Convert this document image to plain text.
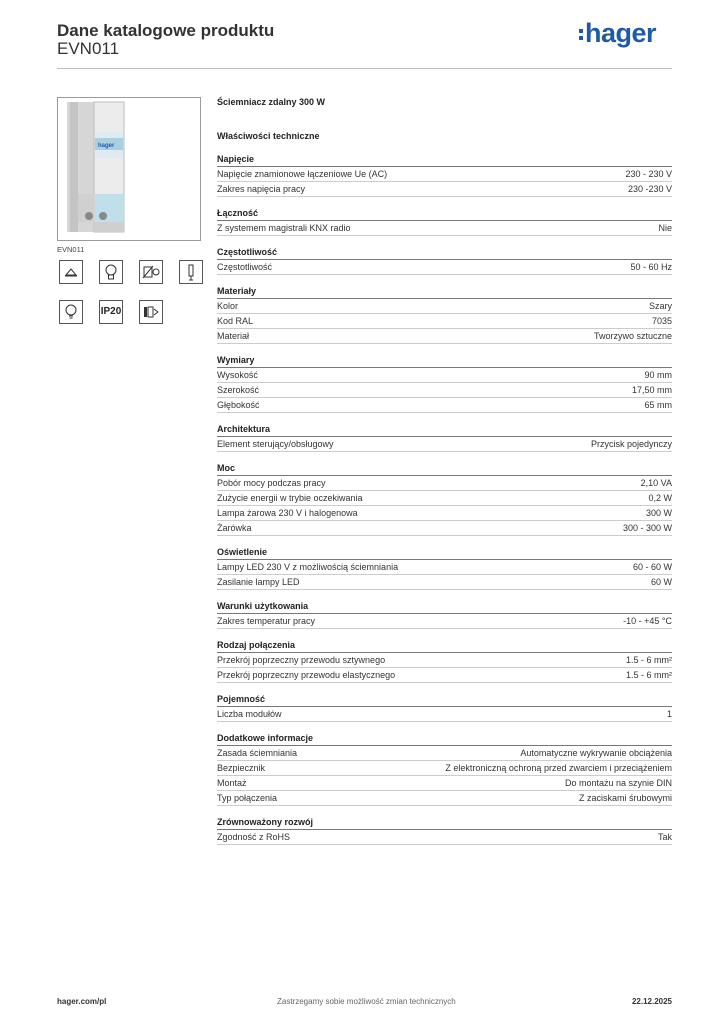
Dane katalogowe produktu
EVN011
hager
hager
EVN011
IP20
Ściemniacz zdalny 300 W
Właściwości techniczne
Napięcie
Napięcie znamionowe łączeniowe Ue (AC)	230 - 230 V
Zakres napięcia pracy	230 -230 V
Łączność
Z systemem magistrali KNX radio	Nie
Częstotliwość
Częstotliwość	50 - 60 Hz
Materiały
Kolor	Szary
Kod RAL	7035
Materiał	Tworzywo sztuczne
Wymiary
Wysokość	90 mm
Szerokość	17,50 mm
Głębokość	65 mm
Architektura
Element sterujący/obsługowy	Przycisk pojedynczy
Moc
Pobór mocy podczas pracy	2,10 VA
Zużycie energii w trybie oczekiwania	0,2 W
Lampa żarowa 230 V i halogenowa	300 W
Żarówka	300 - 300 W
Oświetlenie
Lampy LED 230 V z możliwością ściemniania	60 - 60 W
Zasilanie lampy LED	60 W
Warunki użytkowania
Zakres temperatur pracy	-10 - +45 °C
Rodzaj połączenia
Przekrój poprzeczny przewodu sztywnego	1.5 - 6 mm²
Przekrój poprzeczny przewodu elastycznego	1.5 - 6 mm²
Pojemność
Liczba modułów	1
Dodatkowe informacje
Zasada ściemniania	Automatyczne wykrywanie obciążenia
Bezpiecznik	Z elektroniczną ochroną przed zwarciem i przeciążeniem
Montaż	Do montażu na szynie DIN
Typ połączenia	Z zaciskami śrubowymi
Zrównoważony rozwój
Zgodność z RoHS	Tak
hager.com/pl	Zastrzegamy sobie możliwość zmian technicznych	22.12.2025
